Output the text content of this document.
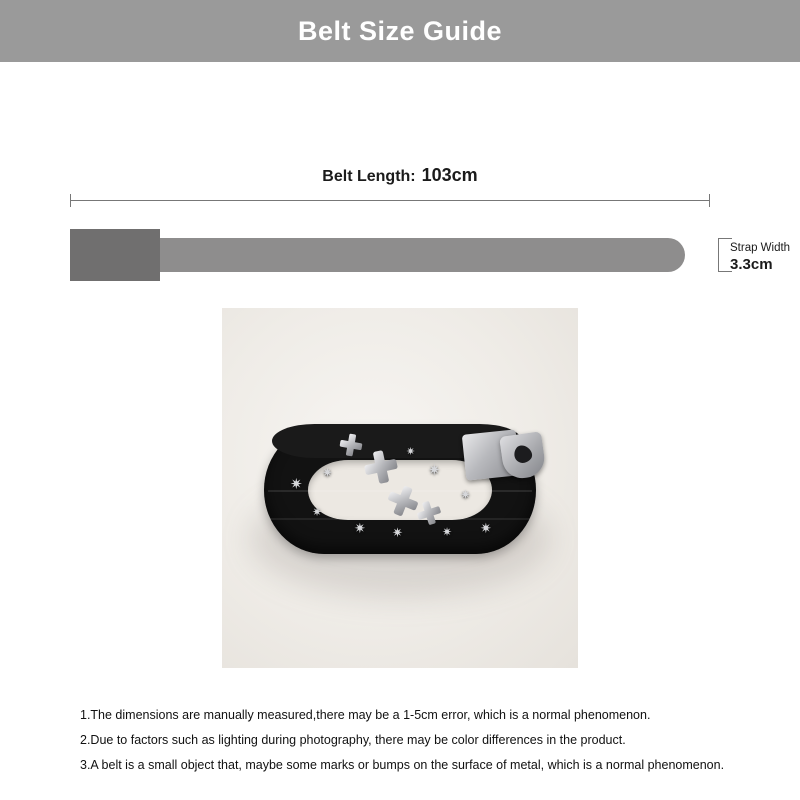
Belt Size Guide
Belt Length: 103cm
Strap Width
3.3cm
✷
✷
✷
✷ ✷
✷
✷
✷
✷
✷
1.The dimensions are manually measured,there may be a 1-5cm error, which is a normal phenomenon.
2.Due to factors such as lighting during photography, there may be color differences in the product.
3.A belt is a small object that, maybe some marks or bumps on the surface of metal, which is a normal phenomenon.
